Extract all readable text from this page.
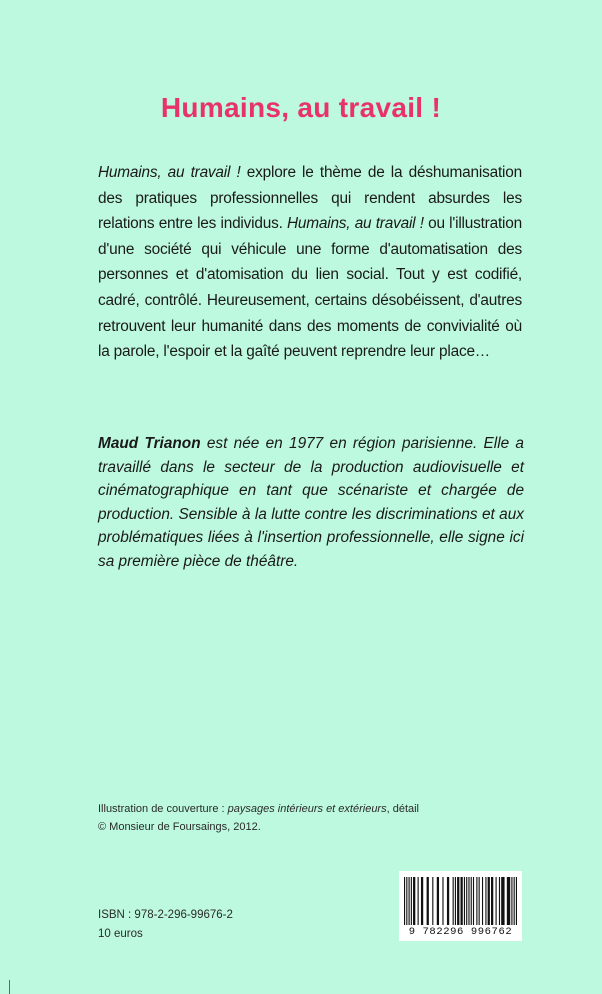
Humains, au travail !

Humains, au travail ! explore le thème de la déshumanisation des pratiques professionnelles qui rendent absurdes les relations entre les individus. Humains, au travail ! ou l'illustration d'une société qui véhicule une forme d'automatisation des personnes et d'atomisation du lien social. Tout y est codifié, cadré, contrôlé. Heureusement, certains désobéissent, d'autres retrouvent leur humanité dans des moments de convivialité où la parole, l'espoir et la gaîté peuvent reprendre leur place…

Maud Trianon est née en 1977 en région parisienne. Elle a travaillé dans le secteur de la production audiovisuelle et cinématographique en tant que scénariste et chargée de production. Sensible à la lutte contre les discriminations et aux problématiques liées à l'insertion professionnelle, elle signe ici sa première pièce de théâtre.

Illustration de couverture : paysages intérieurs et extérieurs, détail

© Monsieur de Foursaings, 2012.

ISBN : 978-2-296-99676-2
10 euros	9 782296 996762
